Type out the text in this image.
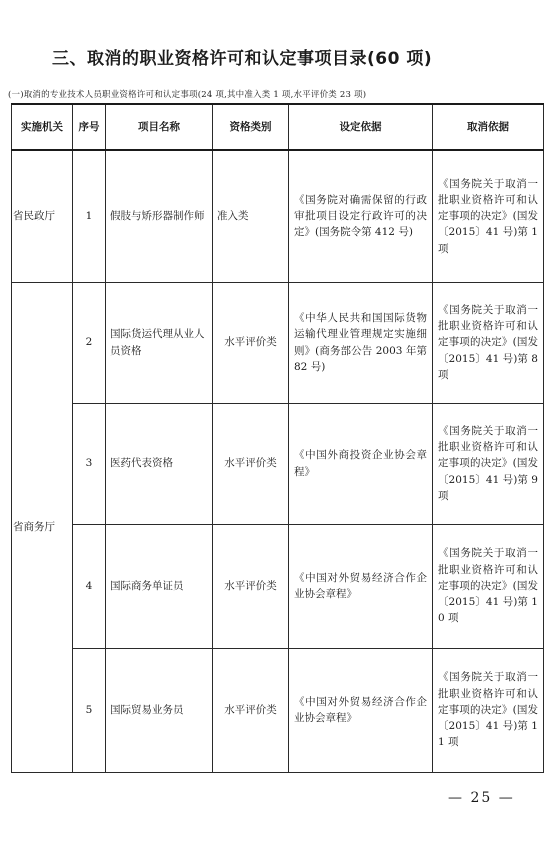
三、取消的职业资格许可和认定事项目录(60 项)
(一)取消的专业技术人员职业资格许可和认定事项(24 项,其中准入类 1 项,水平评价类 23 项)
实施机关	序号	项目名称	资格类别	设定依据	取消依据
省民政厅	1	假肢与矫形器制作师	准入类	《国务院对确需保留的行政审批项目设定行政许可的决定》(国务院令第 412 号)	《国务院关于取消一批职业资格许可和认定事项的决定》(国发〔2015〕41 号)第 1 项
省商务厅	2	国际货运代理从业人员资格	水平评价类	《中华人民共和国国际货物运输代理业管理规定实施细则》(商务部公告 2003 年第 82 号)	《国务院关于取消一批职业资格许可和认定事项的决定》(国发〔2015〕41 号)第 8 项
	3	医药代表资格	水平评价类	《中国外商投资企业协会章程》	《国务院关于取消一批职业资格许可和认定事项的决定》(国发〔2015〕41 号)第 9 项
	4	国际商务单证员	水平评价类	《中国对外贸易经济合作企业协会章程》	《国务院关于取消一批职业资格许可和认定事项的决定》(国发〔2015〕41 号)第 10 项
	5	国际贸易业务员	水平评价类	《中国对外贸易经济合作企业协会章程》	《国务院关于取消一批职业资格许可和认定事项的决定》(国发〔2015〕41 号)第 11 项
— 25 —
